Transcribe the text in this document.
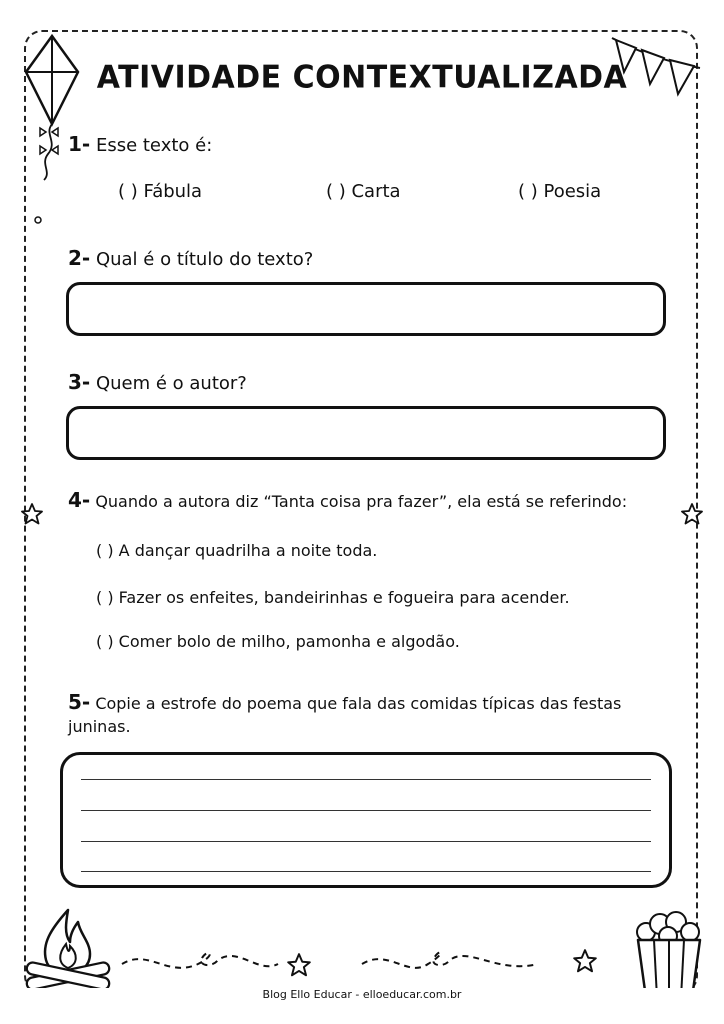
ATIVIDADE CONTEXTUALIZADA
1- Esse texto é:
( ) Fábula	( ) Carta	( ) Poesia
2- Qual é o título do texto?
3- Quem é o autor?
4- Quando a autora diz “Tanta coisa pra fazer”, ela está se referindo:
( ) A dançar quadrilha a noite toda.
( ) Fazer os enfeites, bandeirinhas e fogueira para acender.
( ) Comer bolo de milho, pamonha e algodão.
5- Copie a estrofe do poema que fala das comidas típicas das festas
juninas.
Blog Ello Educar - elloeducar.com.br
